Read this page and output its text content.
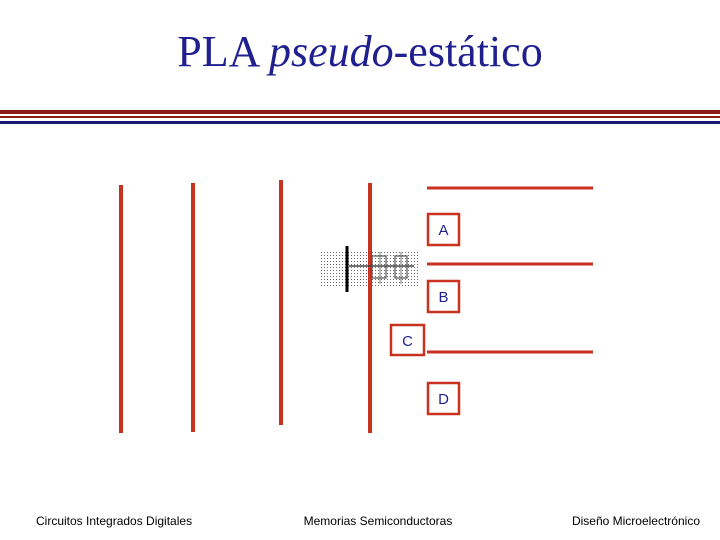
PLA pseudo-estático
A
B
C
D
Circuitos Integrados Digitales	Memorias Semiconductoras	Diseño Microelectrónico
